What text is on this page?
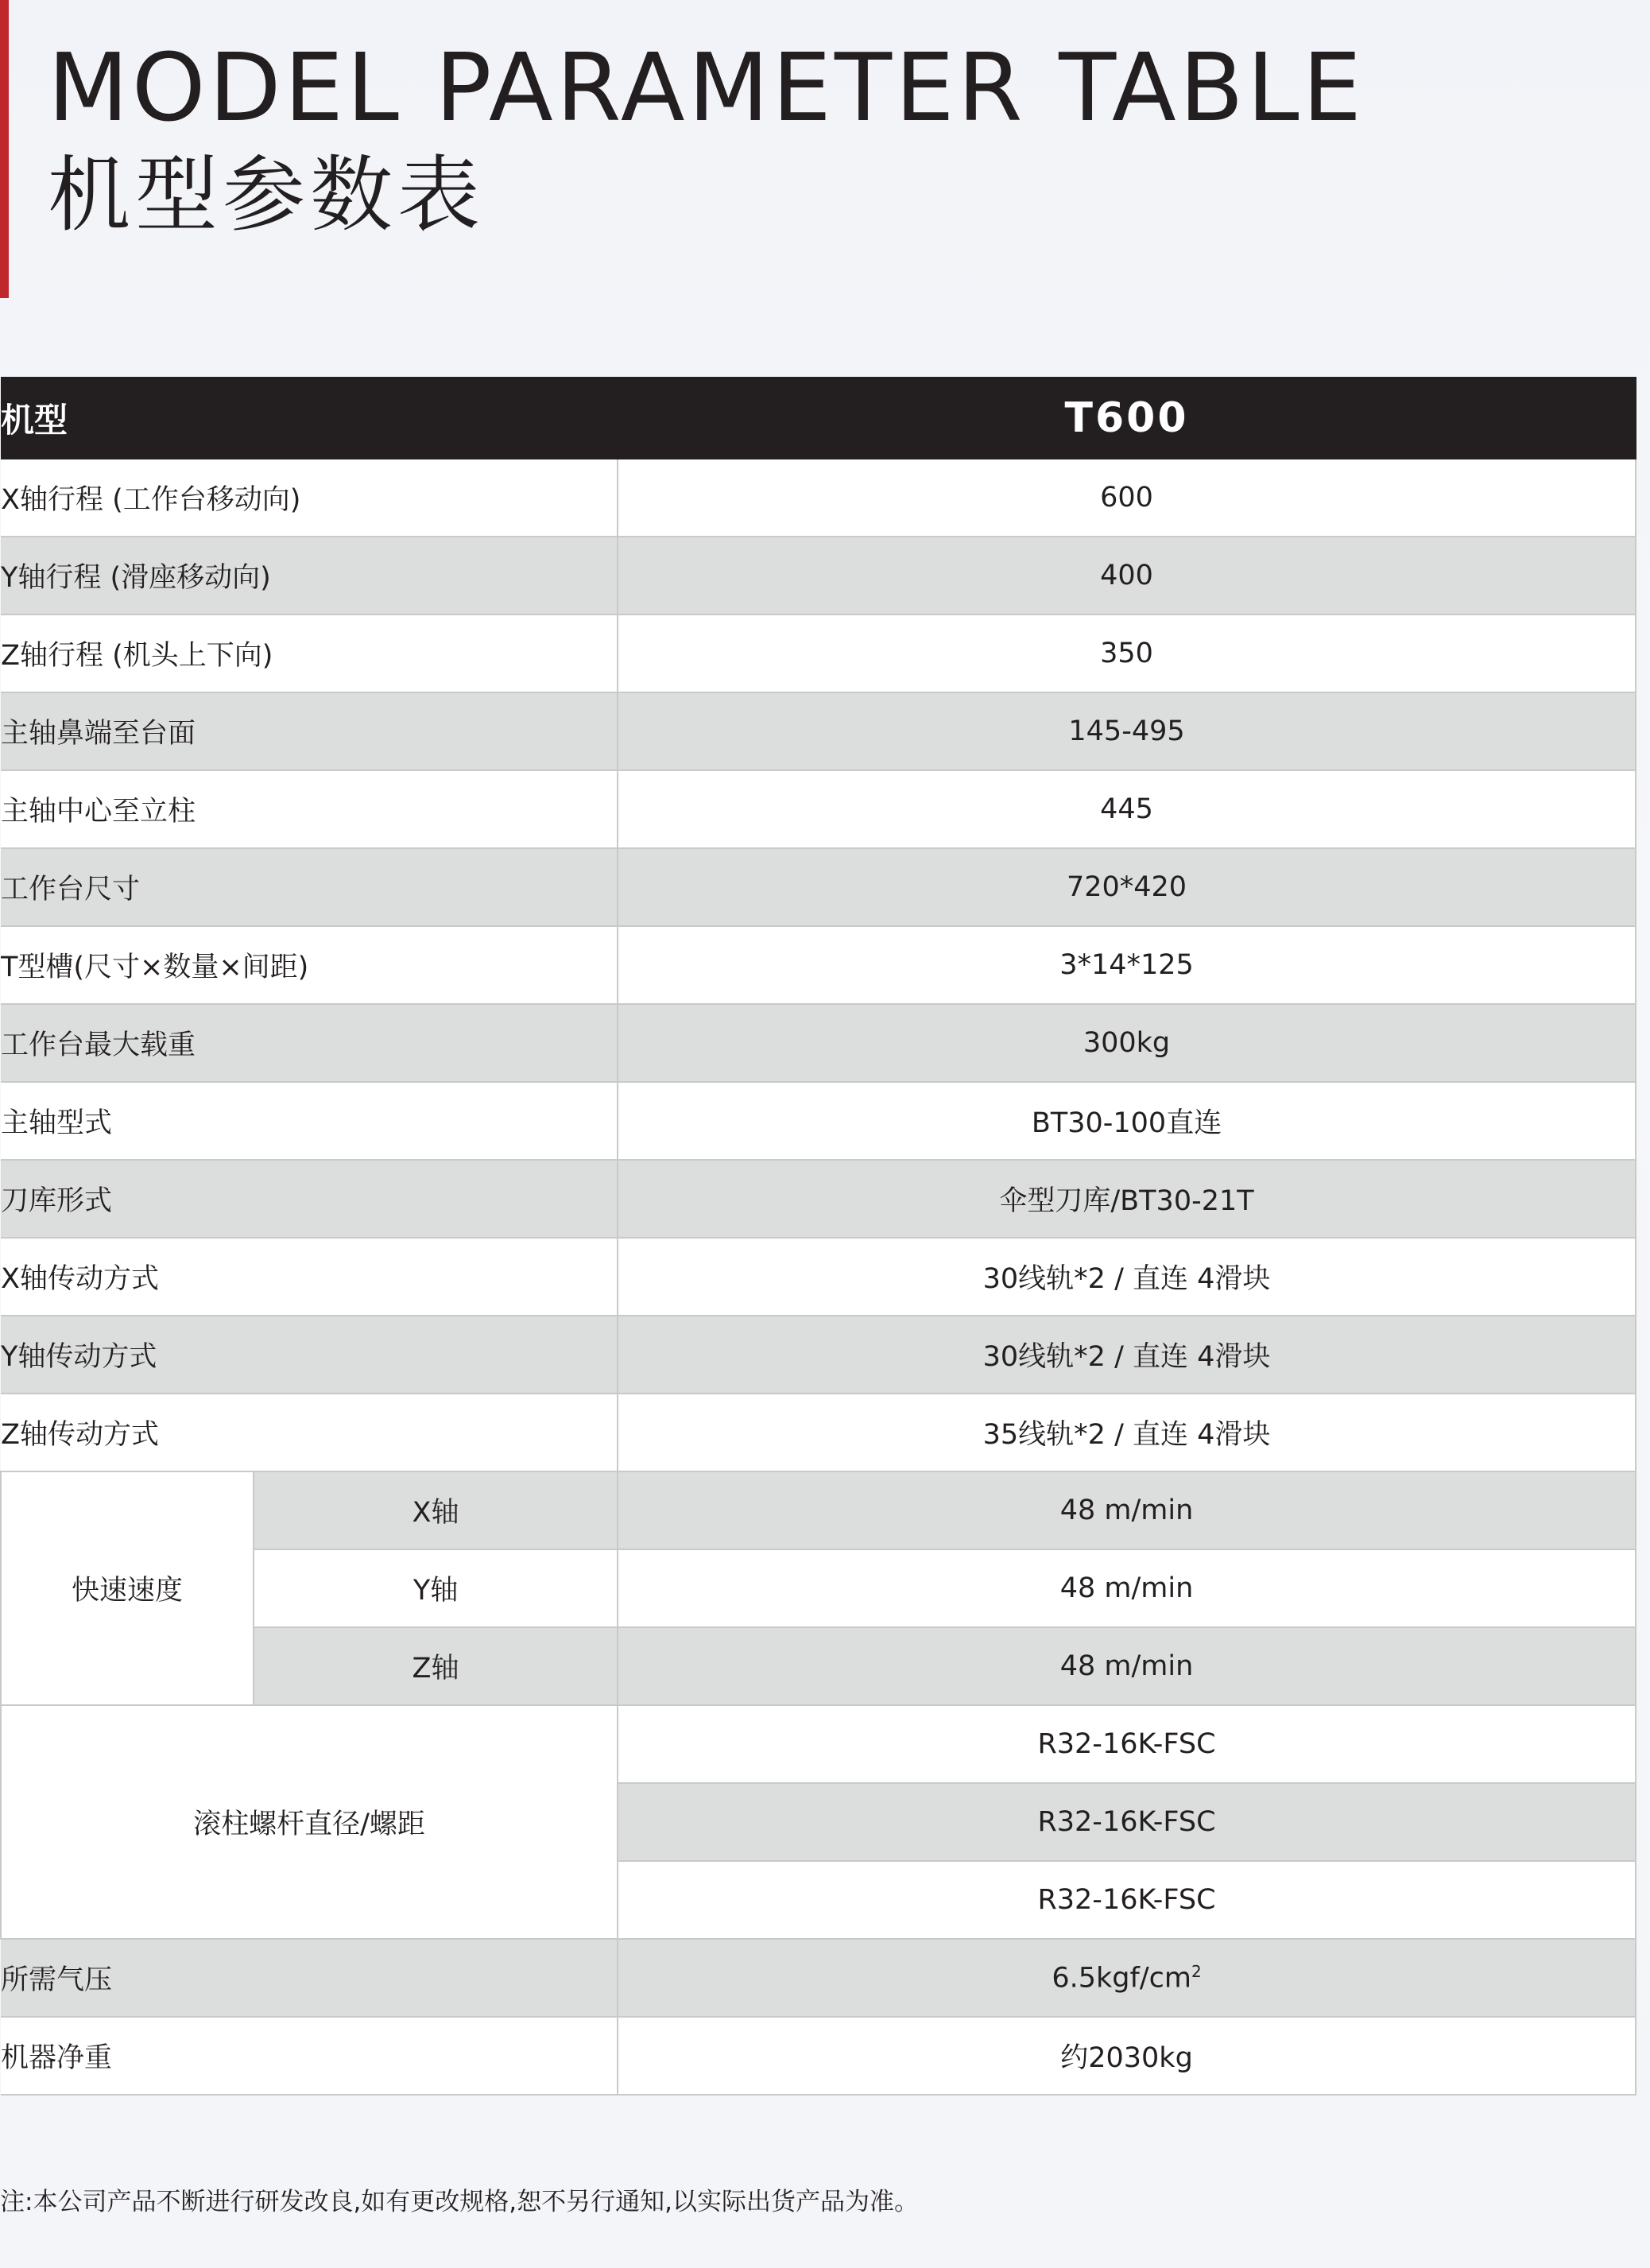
MODEL PARAMETER TABLE
机型参数表
机型		T600
X轴行程 (工作台移动向)		600
Y轴行程 (滑座移动向)		400
Z轴行程 (机头上下向)		350
主轴鼻端至台面		145-495
主轴中心至立柱		445
工作台尺寸		720*420
T型槽(尺寸×数量×间距)		3*14*125
工作台最大载重		300kg
主轴型式		BT30-100直连
刀库形式		伞型刀库/BT30-21T
X轴传动方式		30线轨*2 / 直连 4滑块
Y轴传动方式		30线轨*2 / 直连 4滑块
Z轴传动方式		35线轨*2 / 直连 4滑块
快速速度	X轴	48 m/min
	Y轴	48 m/min
	Z轴	48 m/min
滚柱螺杆直径/螺距		R32-16K-FSC
		R32-16K-FSC
		R32-16K-FSC
所需气压		$6.5kgf/cm^2$
机器净重		约2030kg

注:本公司产品不断进行研发改良,如有更改规格,恕不另行通知,以实际出货产品为准。
